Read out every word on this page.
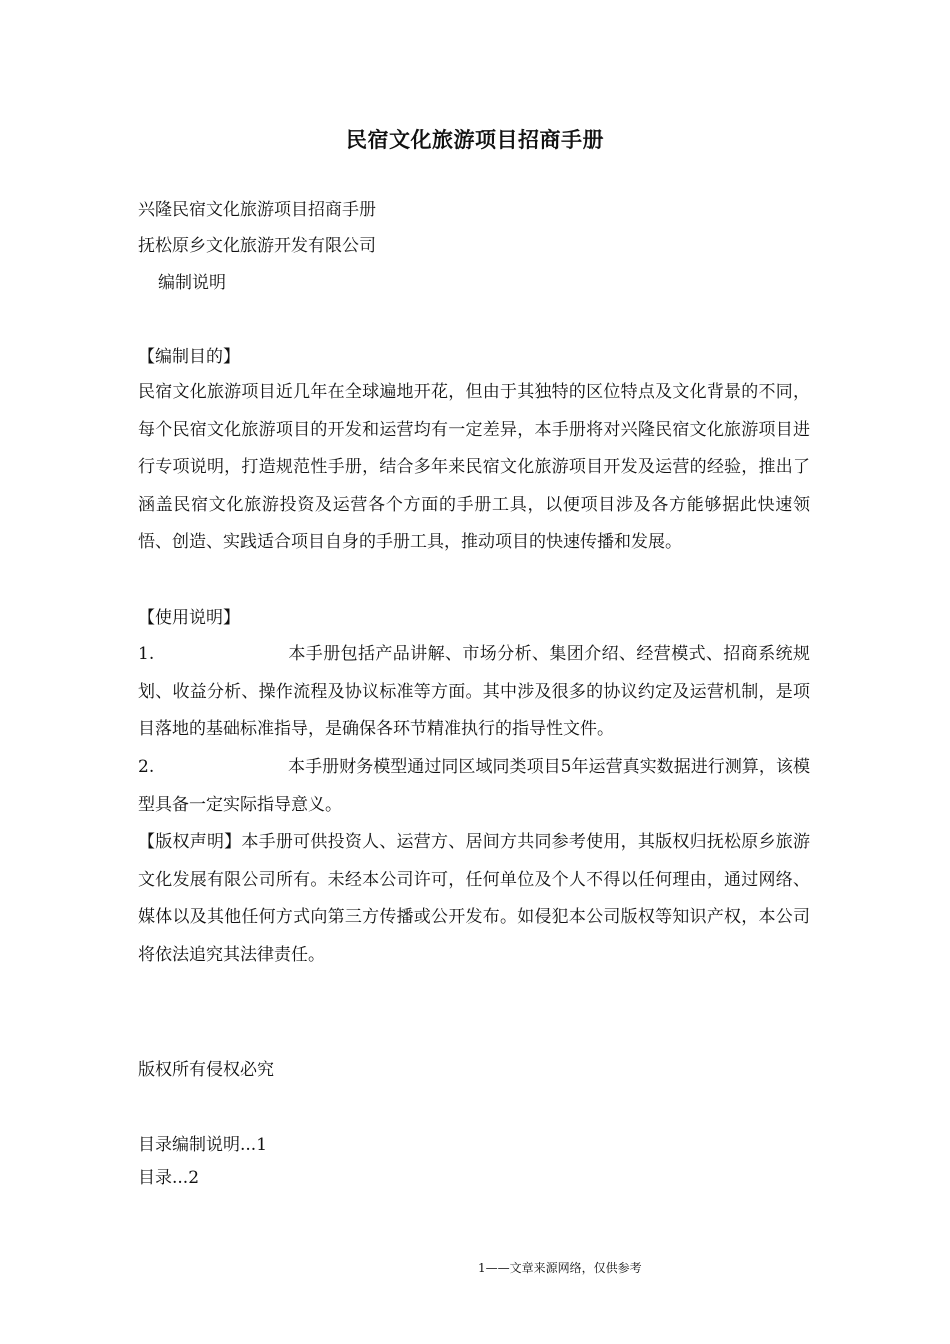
民宿文化旅游项目招商手册
兴隆民宿文化旅游项目招商手册
抚松原乡文化旅游开发有限公司
编制说明
【编制目的】
民宿文化旅游项目近几年在全球遍地开花，但由于其独特的区位特点及文化背景的不同，每个民宿文化旅游项目的开发和运营均有一定差异，本手册将对兴隆民宿文化旅游项目进行专项说明，打造规范性手册，结合多年来民宿文化旅游项目开发及运营的经验，推出了涵盖民宿文化旅游投资及运营各个方面的手册工具，以便项目涉及各方能够据此快速领悟、创造、实践适合项目自身的手册工具，推动项目的快速传播和发展。
【使用说明】
1.	本手册包括产品讲解、市场分析、集团介绍、经营模式、招商系统规划、收益分析、操作流程及协议标准等方面。其中涉及很多的协议约定及运营机制，是项目落地的基础标准指导，是确保各环节精准执行的指导性文件。
2.	本手册财务模型通过同区域同类项目5年运营真实数据进行测算，该模型具备一定实际指导意义。
【版权声明】本手册可供投资人、运营方、居间方共同参考使用，其版权归抚松原乡旅游文化发展有限公司所有。未经本公司许可，任何单位及个人不得以任何理由，通过网络、媒体以及其他任何方式向第三方传播或公开发布。如侵犯本公司版权等知识产权，本公司将依法追究其法律责任。
版权所有侵权必究
目录编制说明...1
目录...2
1——文章来源网络，仅供参考
